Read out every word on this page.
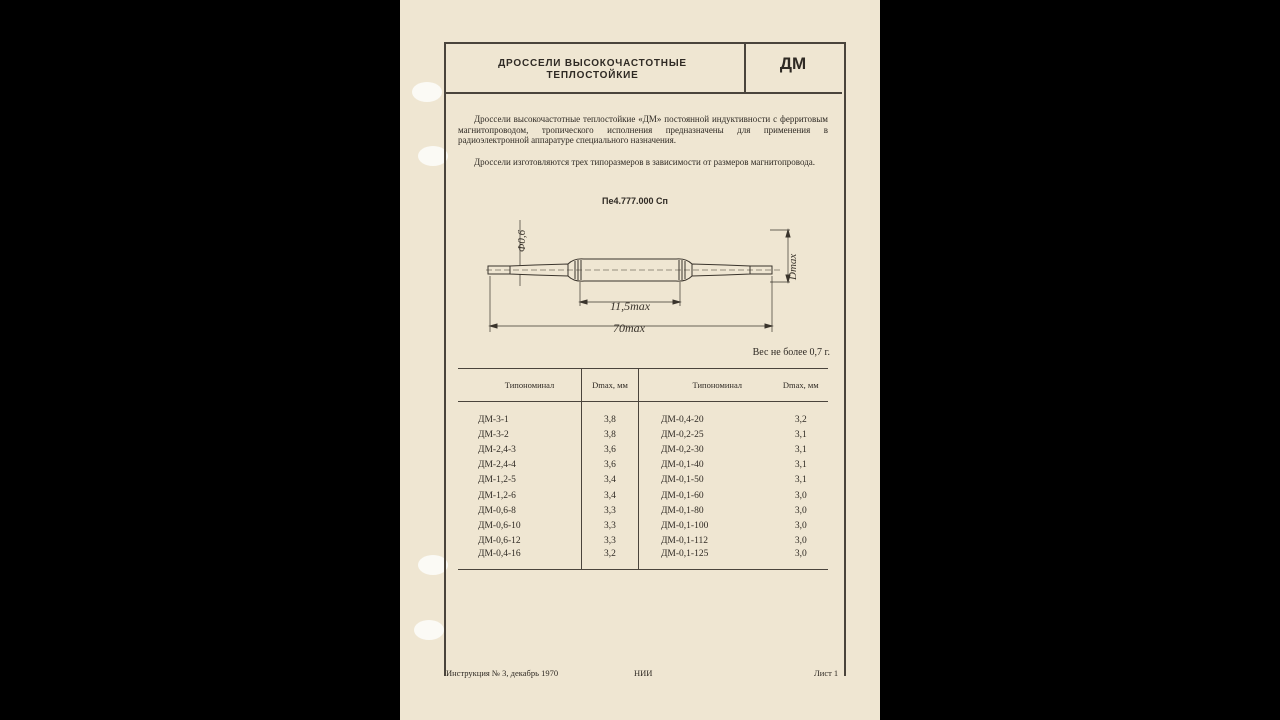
ДРОССЕЛИ ВЫСОКОЧАСТОТНЫЕ
ТЕПЛОСТОЙКИЕ
ДМ

Дроссели высокочастотные теплостойкие «ДМ» постоянной индуктивности с ферритовым магнитопроводом, тропического исполнения предназначены для применения в радиоэлектронной аппаратуре специального назначения.

Дроссели изготовляются трех типоразмеров в зависимости от размеров магнитопровода.

Пе4.777.000 Сп
Φ0,6
Dmax
11,5max
70max
Вес не более 0,7 г.
Типономинал	Dmax, мм	Типономинал	Dmax, мм

ДМ-3-1	3,8	ДМ-0,4-20	3,2
ДМ-3-2	3,8	ДМ-0,2-25	3,1
ДМ-2,4-3	3,6	ДМ-0,2-30	3,1
ДМ-2,4-4	3,6	ДМ-0,1-40	3,1
ДМ-1,2-5	3,4	ДМ-0,1-50	3,1
ДМ-1,2-6	3,4	ДМ-0,1-60	3,0
ДМ-0,6-8	3,3	ДМ-0,1-80	3,0
ДМ-0,6-10	3,3	ДМ-0,1-100	3,0
ДМ-0,6-12	3,3	ДМ-0,1-112	3,0
ДМ-0,4-16	3,2	ДМ-0,1-125	3,0
Инструкция № 3, декабрь 1970	НИИ	Лист 1
